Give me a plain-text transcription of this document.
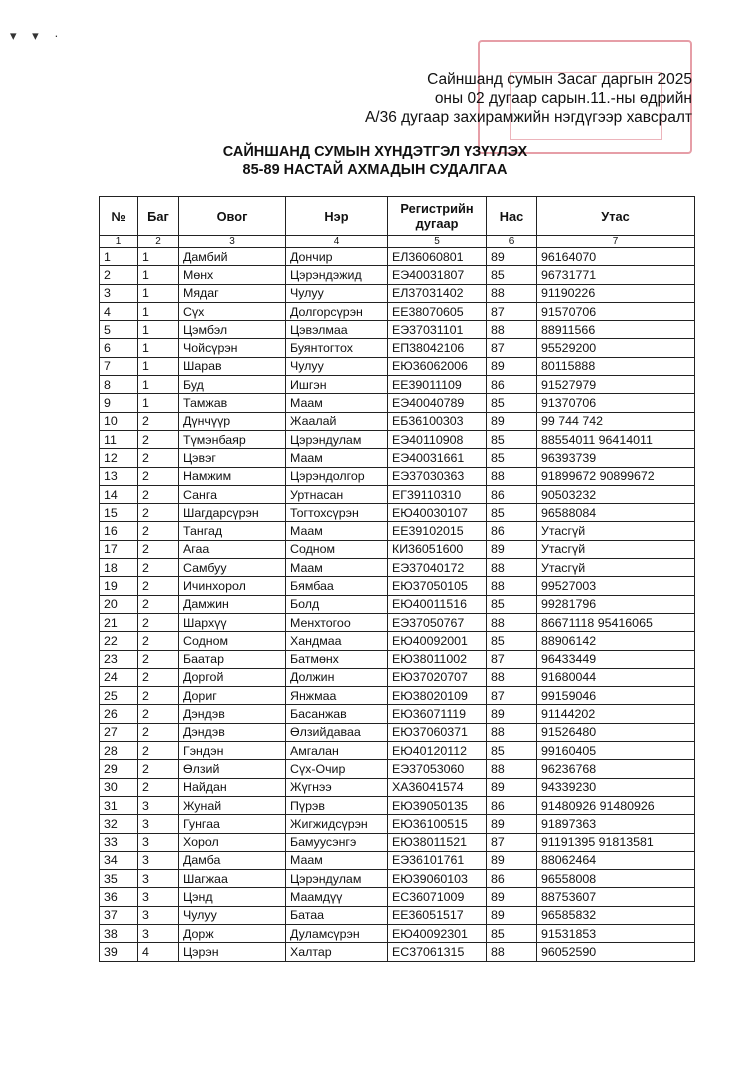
▾ ▾ ·
Сайншанд сумын Засаг даргын 2025
оны 02 дугаар сарын.11.-ны өдрийн
А/36 дугаар захирамжийн нэгдүгээр хавсралт
САЙНШАНД СУМЫН ХҮНДЭТГЭЛ ҮЗҮҮЛЭХ
85-89 НАСТАЙ АХМАДЫН СУДАЛГАА
№	Баг	Овог	Нэр	Регистрийн дугаар	Нас	Утас
1	2	3	4	5	6	7
1	1	Дамбий	Дончир	ЕЛ36060801	89	96164070
2	1	Мөнх	Цэрэндэжид	ЕЭ40031807	85	96731771
3	1	Мядаг	Чулуу	ЕЛ37031402	88	91190226
4	1	Сүх	Долгорсүрэн	ЕЕ38070605	87	91570706
5	1	Цэмбэл	Цэвэлмаа	ЕЭ37031101	88	88911566
6	1	Чойсүрэн	Буянтогтох	ЕП38042106	87	95529200
7	1	Шарав	Чулуу	ЕЮ36062006	89	80115888
8	1	Буд	Ишгэн	ЕЕ39011109	86	91527979
9	1	Тамжав	Маам	ЕЭ40040789	85	91370706
10	2	Дүнчүүр	Жаалай	ЕБ36100303	89	99 744 742
11	2	Түмэнбаяр	Цэрэндулам	ЕЭ40110908	85	88554011 96414011
12	2	Цэвэг	Маам	ЕЭ40031661	85	96393739
13	2	Намжим	Цэрэндолгор	ЕЭ37030363	88	91899672 90899672
14	2	Санга	Уртнасан	ЕГ39110310	86	90503232
15	2	Шагдарсүрэн	Тогтохсүрэн	ЕЮ40030107	85	96588084
16	2	Тангад	Маам	ЕЕ39102015	86	Утасгүй
17	2	Агаа	Содном	КИ36051600	89	Утасгүй
18	2	Самбуу	Маам	ЕЭ37040172	88	Утасгүй
19	2	Ичинхорол	Бямбаа	ЕЮ37050105	88	99527003
20	2	Дамжин	Болд	ЕЮ40011516	85	99281796
21	2	Шархүү	Менхтогоо	ЕЭ37050767	88	86671118 95416065
22	2	Содном	Хандмаа	ЕЮ40092001	85	88906142
23	2	Баатар	Батмөнх	ЕЮ38011002	87	96433449
24	2	Доргой	Должин	ЕЮ37020707	88	91680044
25	2	Дориг	Янжмаа	ЕЮ38020109	87	99159046
26	2	Дэндэв	Басанжав	ЕЮ36071119	89	91144202
27	2	Дэндэв	Өлзийдаваа	ЕЮ37060371	88	91526480
28	2	Гэндэн	Амгалан	ЕЮ40120112	85	99160405
29	2	Өлзий	Сүх-Очир	ЕЭ37053060	88	96236768
30	2	Найдан	Жүгнээ	ХА36041574	89	94339230
31	3	Жунай	Пүрэв	ЕЮ39050135	86	91480926 91480926
32	3	Гунгаа	Жигжидсүрэн	ЕЮ36100515	89	91897363
33	3	Хорол	Бамуусэнгэ	ЕЮ38011521	87	91191395 91813581
34	3	Дамба	Маам	ЕЭ36101761	89	88062464
35	3	Шагжаа	Цэрэндулам	ЕЮ39060103	86	96558008
36	3	Цэнд	Маамдүү	ЕС36071009	89	88753607
37	3	Чулуу	Батаа	ЕЕ36051517	89	96585832
38	3	Дорж	Дуламсүрэн	ЕЮ40092301	85	91531853
39	4	Цэрэн	Халтар	ЕС37061315	88	96052590
